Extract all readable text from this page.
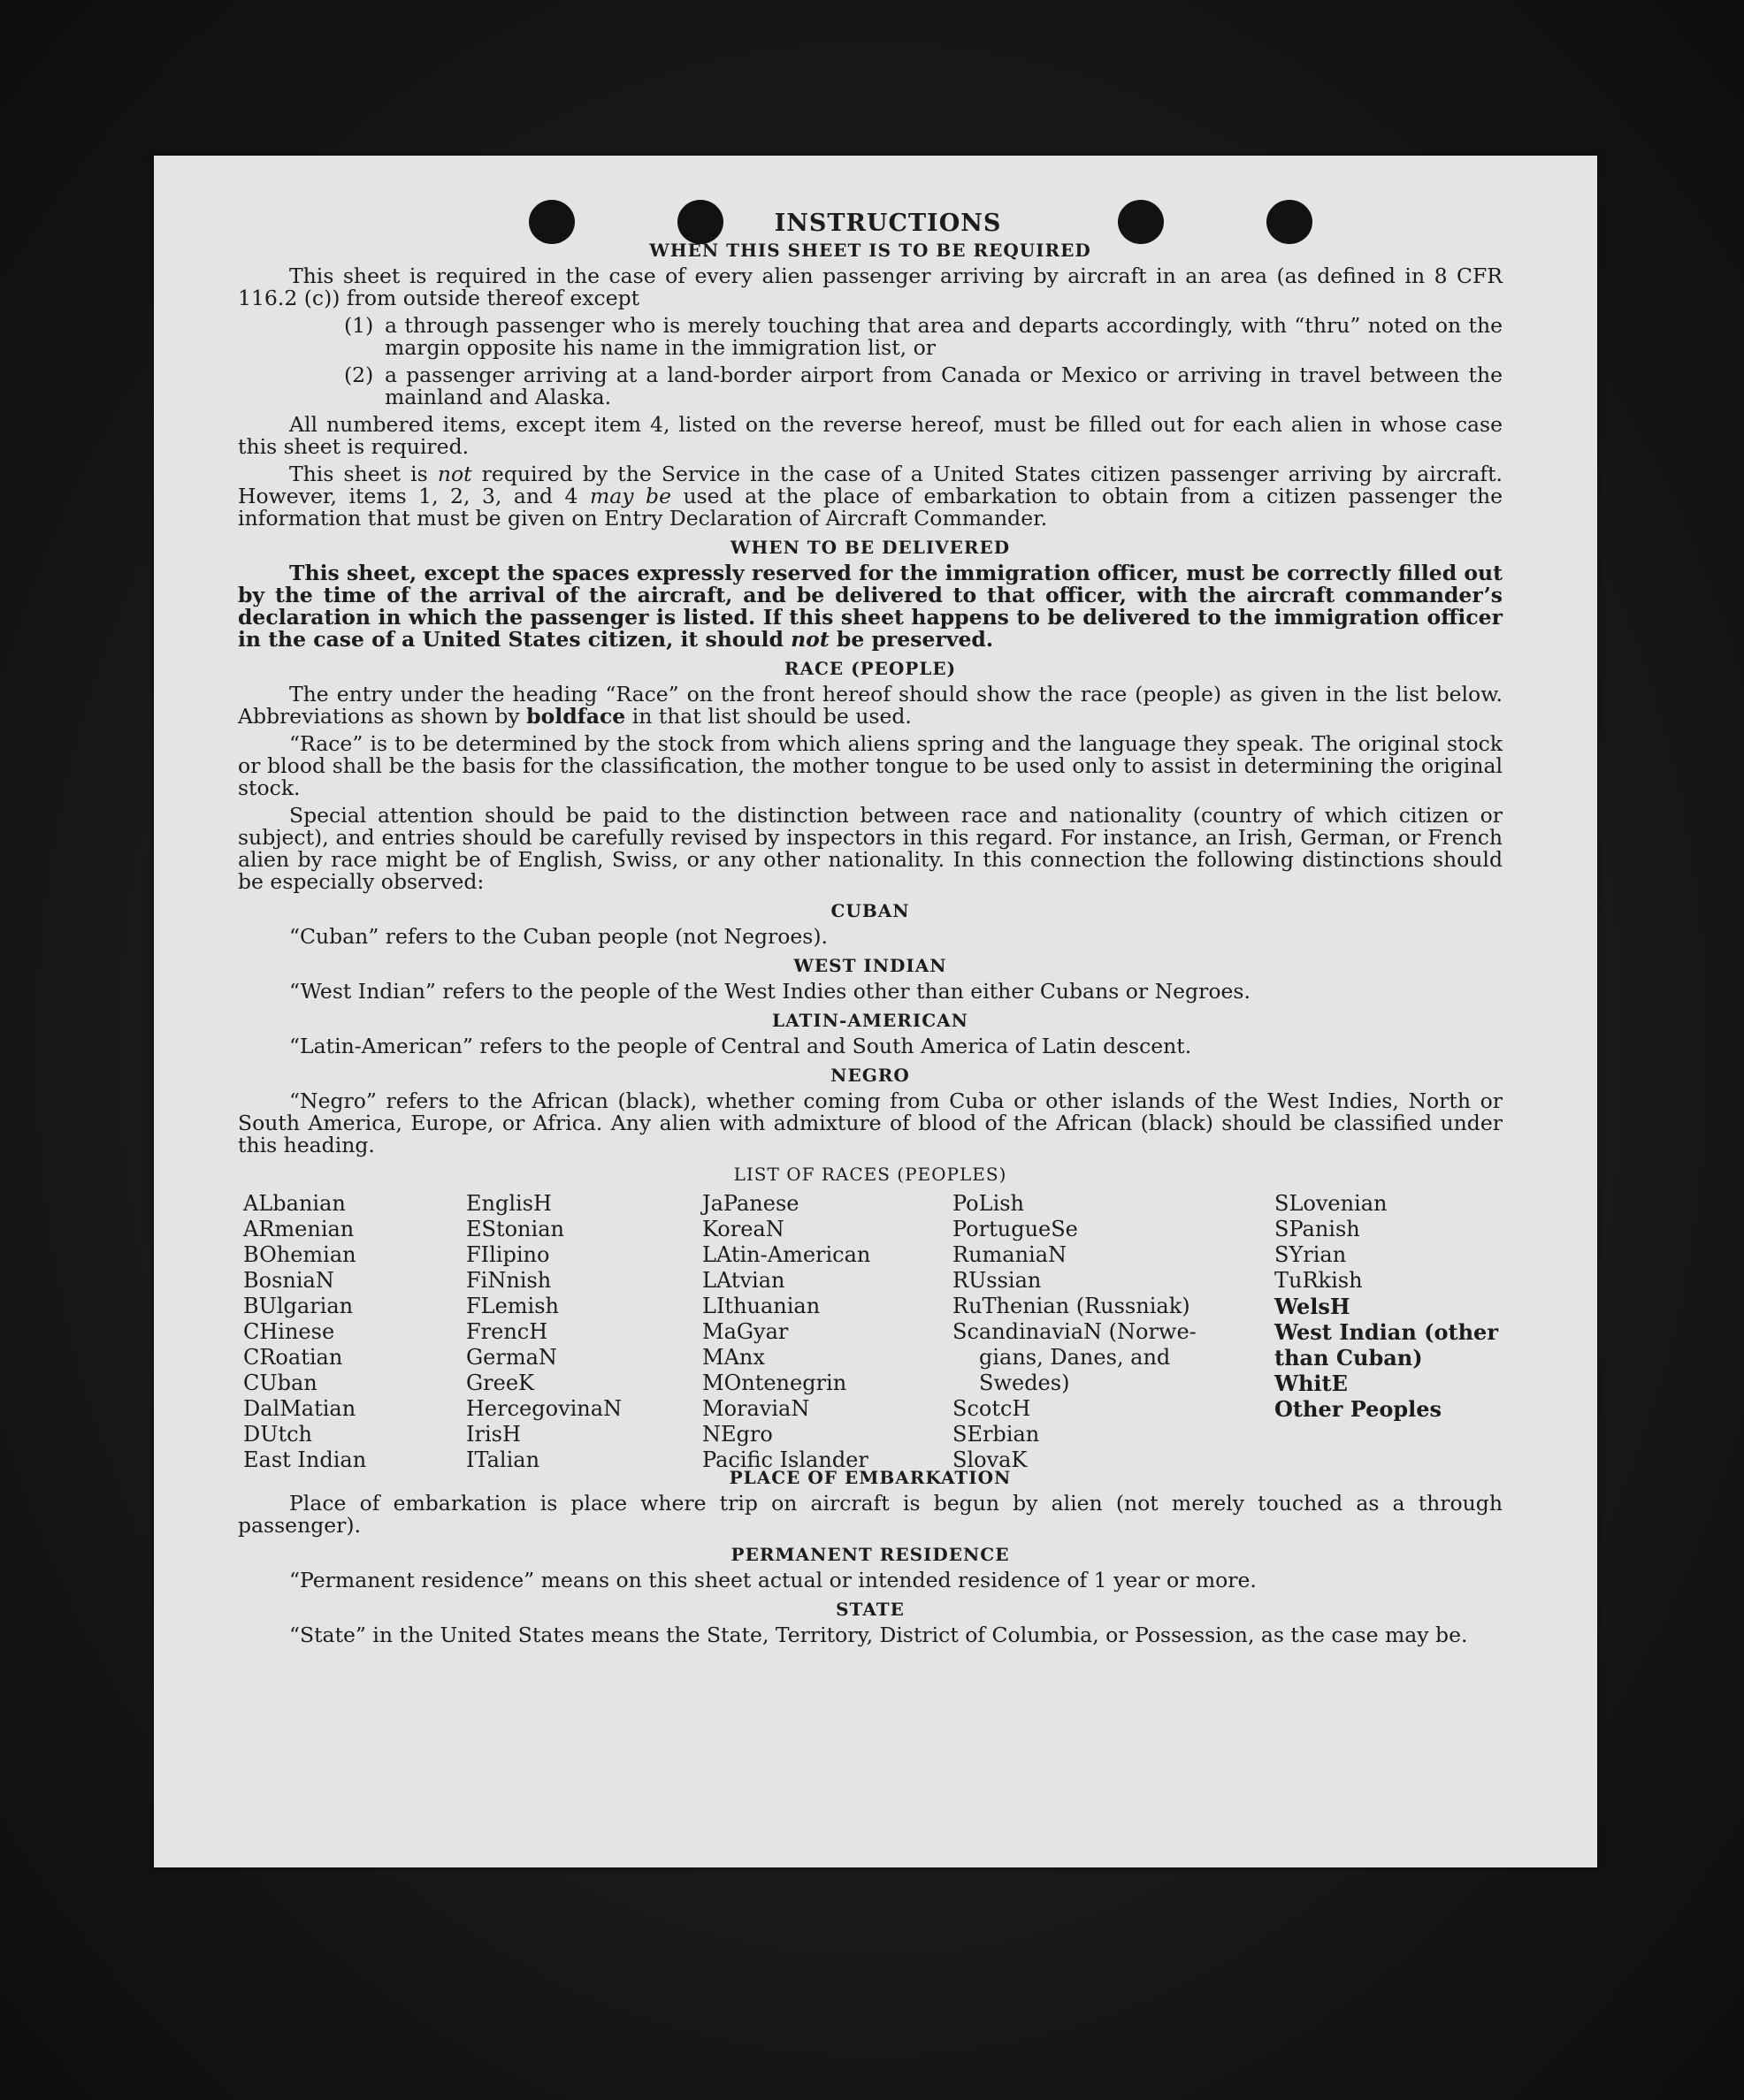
INSTRUCTIONS
WHEN THIS SHEET IS TO BE REQUIRED

This sheet is required in the case of every alien passenger arriving by aircraft in an area (as defined in 8 CFR 116.2 (c)) from outside thereof except

(1) a through passenger who is merely touching that area and departs accordingly, with “thru” noted on the margin opposite his name in the immigration list, or
(2) a passenger arriving at a land-border airport from Canada or Mexico or arriving in travel between the mainland and Alaska.

All numbered items, except item 4, listed on the reverse hereof, must be filled out for each alien in whose case this sheet is required.

This sheet is not required by the Service in the case of a United States citizen passenger arriving by aircraft. However, items 1, 2, 3, and 4 may be used at the place of embarkation to obtain from a citizen passenger the information that must be given on Entry Declaration of Aircraft Commander.

WHEN TO BE DELIVERED

This sheet, except the spaces expressly reserved for the immigration officer, must be correctly filled out by the time of the arrival of the aircraft, and be delivered to that officer, with the aircraft commander’s declaration in which the passenger is listed. If this sheet happens to be delivered to the immigration officer in the case of a United States citizen, it should not be preserved.

RACE (PEOPLE)

The entry under the heading “Race” on the front hereof should show the race (people) as given in the list below. Abbreviations as shown by boldface in that list should be used.

“Race” is to be determined by the stock from which aliens spring and the language they speak. The original stock or blood shall be the basis for the classification, the mother tongue to be used only to assist in determining the original stock.

Special attention should be paid to the distinction between race and nationality (country of which citizen or subject), and entries should be carefully revised by inspectors in this regard. For instance, an Irish, German, or French alien by race might be of English, Swiss, or any other nationality. In this connection the following distinctions should be especially observed:

CUBAN

“Cuban” refers to the Cuban people (not Negroes).

WEST INDIAN

“West Indian” refers to the people of the West Indies other than either Cubans or Negroes.

LATIN-AMERICAN

“Latin-American” refers to the people of Central and South America of Latin descent.

NEGRO

“Negro” refers to the African (black), whether coming from Cuba or other islands of the West Indies, North or South America, Europe, or Africa. Any alien with admixture of blood of the African (black) should be classified under this heading.

LIST OF RACES (PEOPLES)
ALbanian
ARmenian
BOhemian
BosniaN
BUlgarian
CHinese
CRoatian
CUban
DalMatian
DUtch
East Indian
EnglisH
EStonian
FIlipino
FiNnish
FLemish
FrencH
GermaN
GreeK
HercegovinaN
IrisH
ITalian
JaPanese
KoreaN
LAtin-American
LAtvian
LIthuanian
MaGyar
MAnx
MOntenegrin
MoraviaN
NEgro
Pacific Islander
PoLish
PortugueSe
RumaniaN
RUssian
RuThenian (Russniak)
ScandinaviaN (Norwe-
gians, Danes, and
Swedes)
ScotcH
SErbian
SlovaK
SLovenian
SPanish
SYrian
TuRkish
WelsH
West Indian (other
than Cuban)
WhitE
Other Peoples
PLACE OF EMBARKATION

Place of embarkation is place where trip on aircraft is begun by alien (not merely touched as a through passenger).

PERMANENT RESIDENCE

“Permanent residence” means on this sheet actual or intended residence of 1 year or more.

STATE

“State” in the United States means the State, Territory, District of Columbia, or Possession, as the case may be.
